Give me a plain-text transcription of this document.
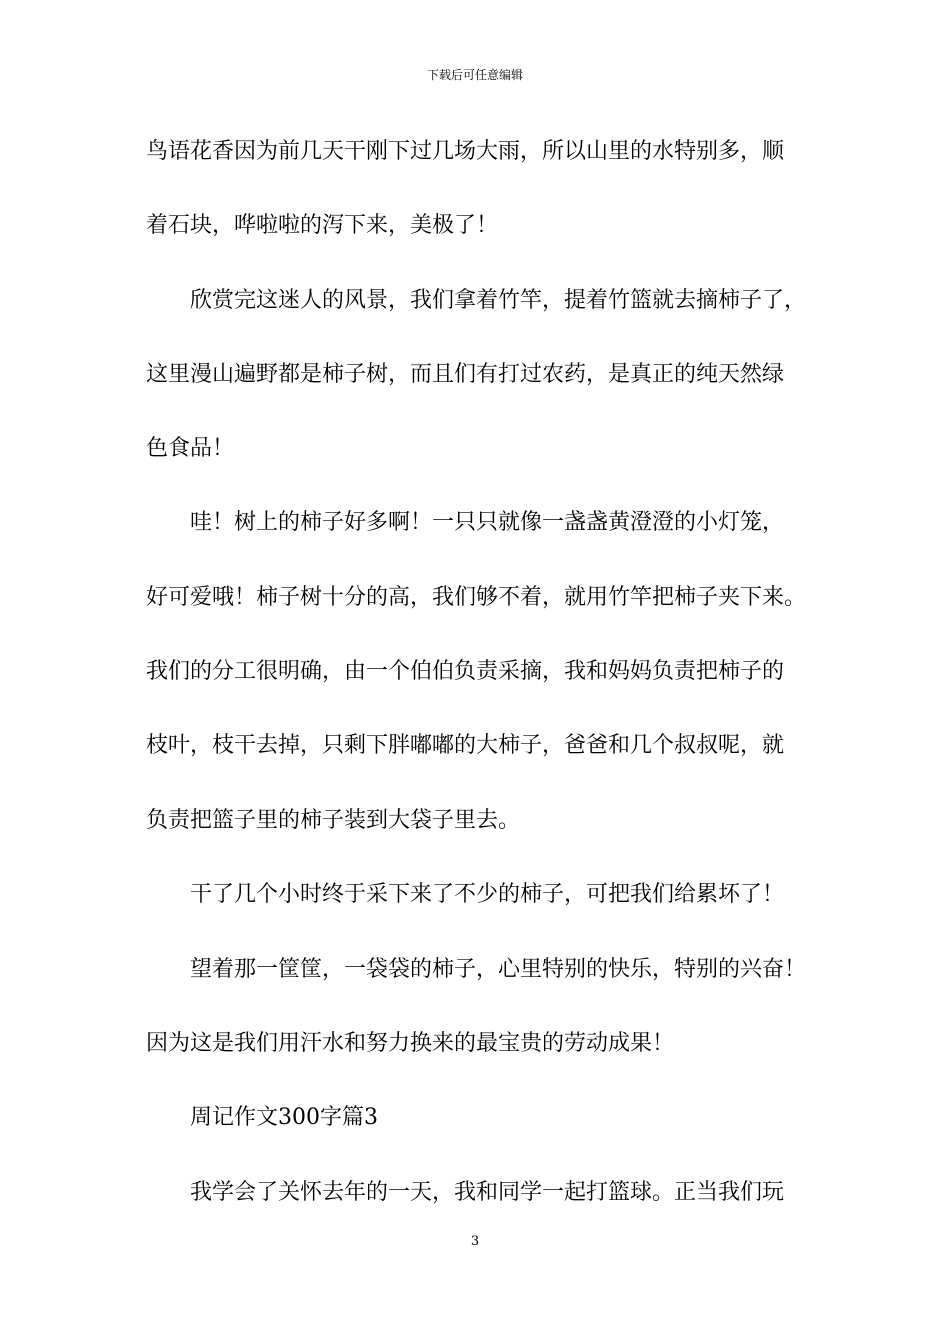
下载后可任意编辑
鸟语花香因为前几天干刚下过几场大雨，所以山里的水特别多，顺
着石块，哗啦啦的泻下来，美极了！
欣赏完这迷人的风景，我们拿着竹竿，提着竹篮就去摘柿子了，
这里漫山遍野都是柿子树，而且们有打过农药，是真正的纯天然绿
色食品！
哇！树上的柿子好多啊！一只只就像一盏盏黄澄澄的小灯笼，
好可爱哦！柿子树十分的高，我们够不着，就用竹竿把柿子夹下来。
我们的分工很明确，由一个伯伯负责采摘，我和妈妈负责把柿子的
枝叶，枝干去掉，只剩下胖嘟嘟的大柿子，爸爸和几个叔叔呢，就
负责把篮子里的柿子装到大袋子里去。
干了几个小时终于采下来了不少的柿子，可把我们给累坏了！
望着那一筐筐，一袋袋的柿子，心里特别的快乐，特别的兴奋！
因为这是我们用汗水和努力换来的最宝贵的劳动成果！
周记作文300字篇3
我学会了关怀去年的一天，我和同学一起打篮球。正当我们玩
3
